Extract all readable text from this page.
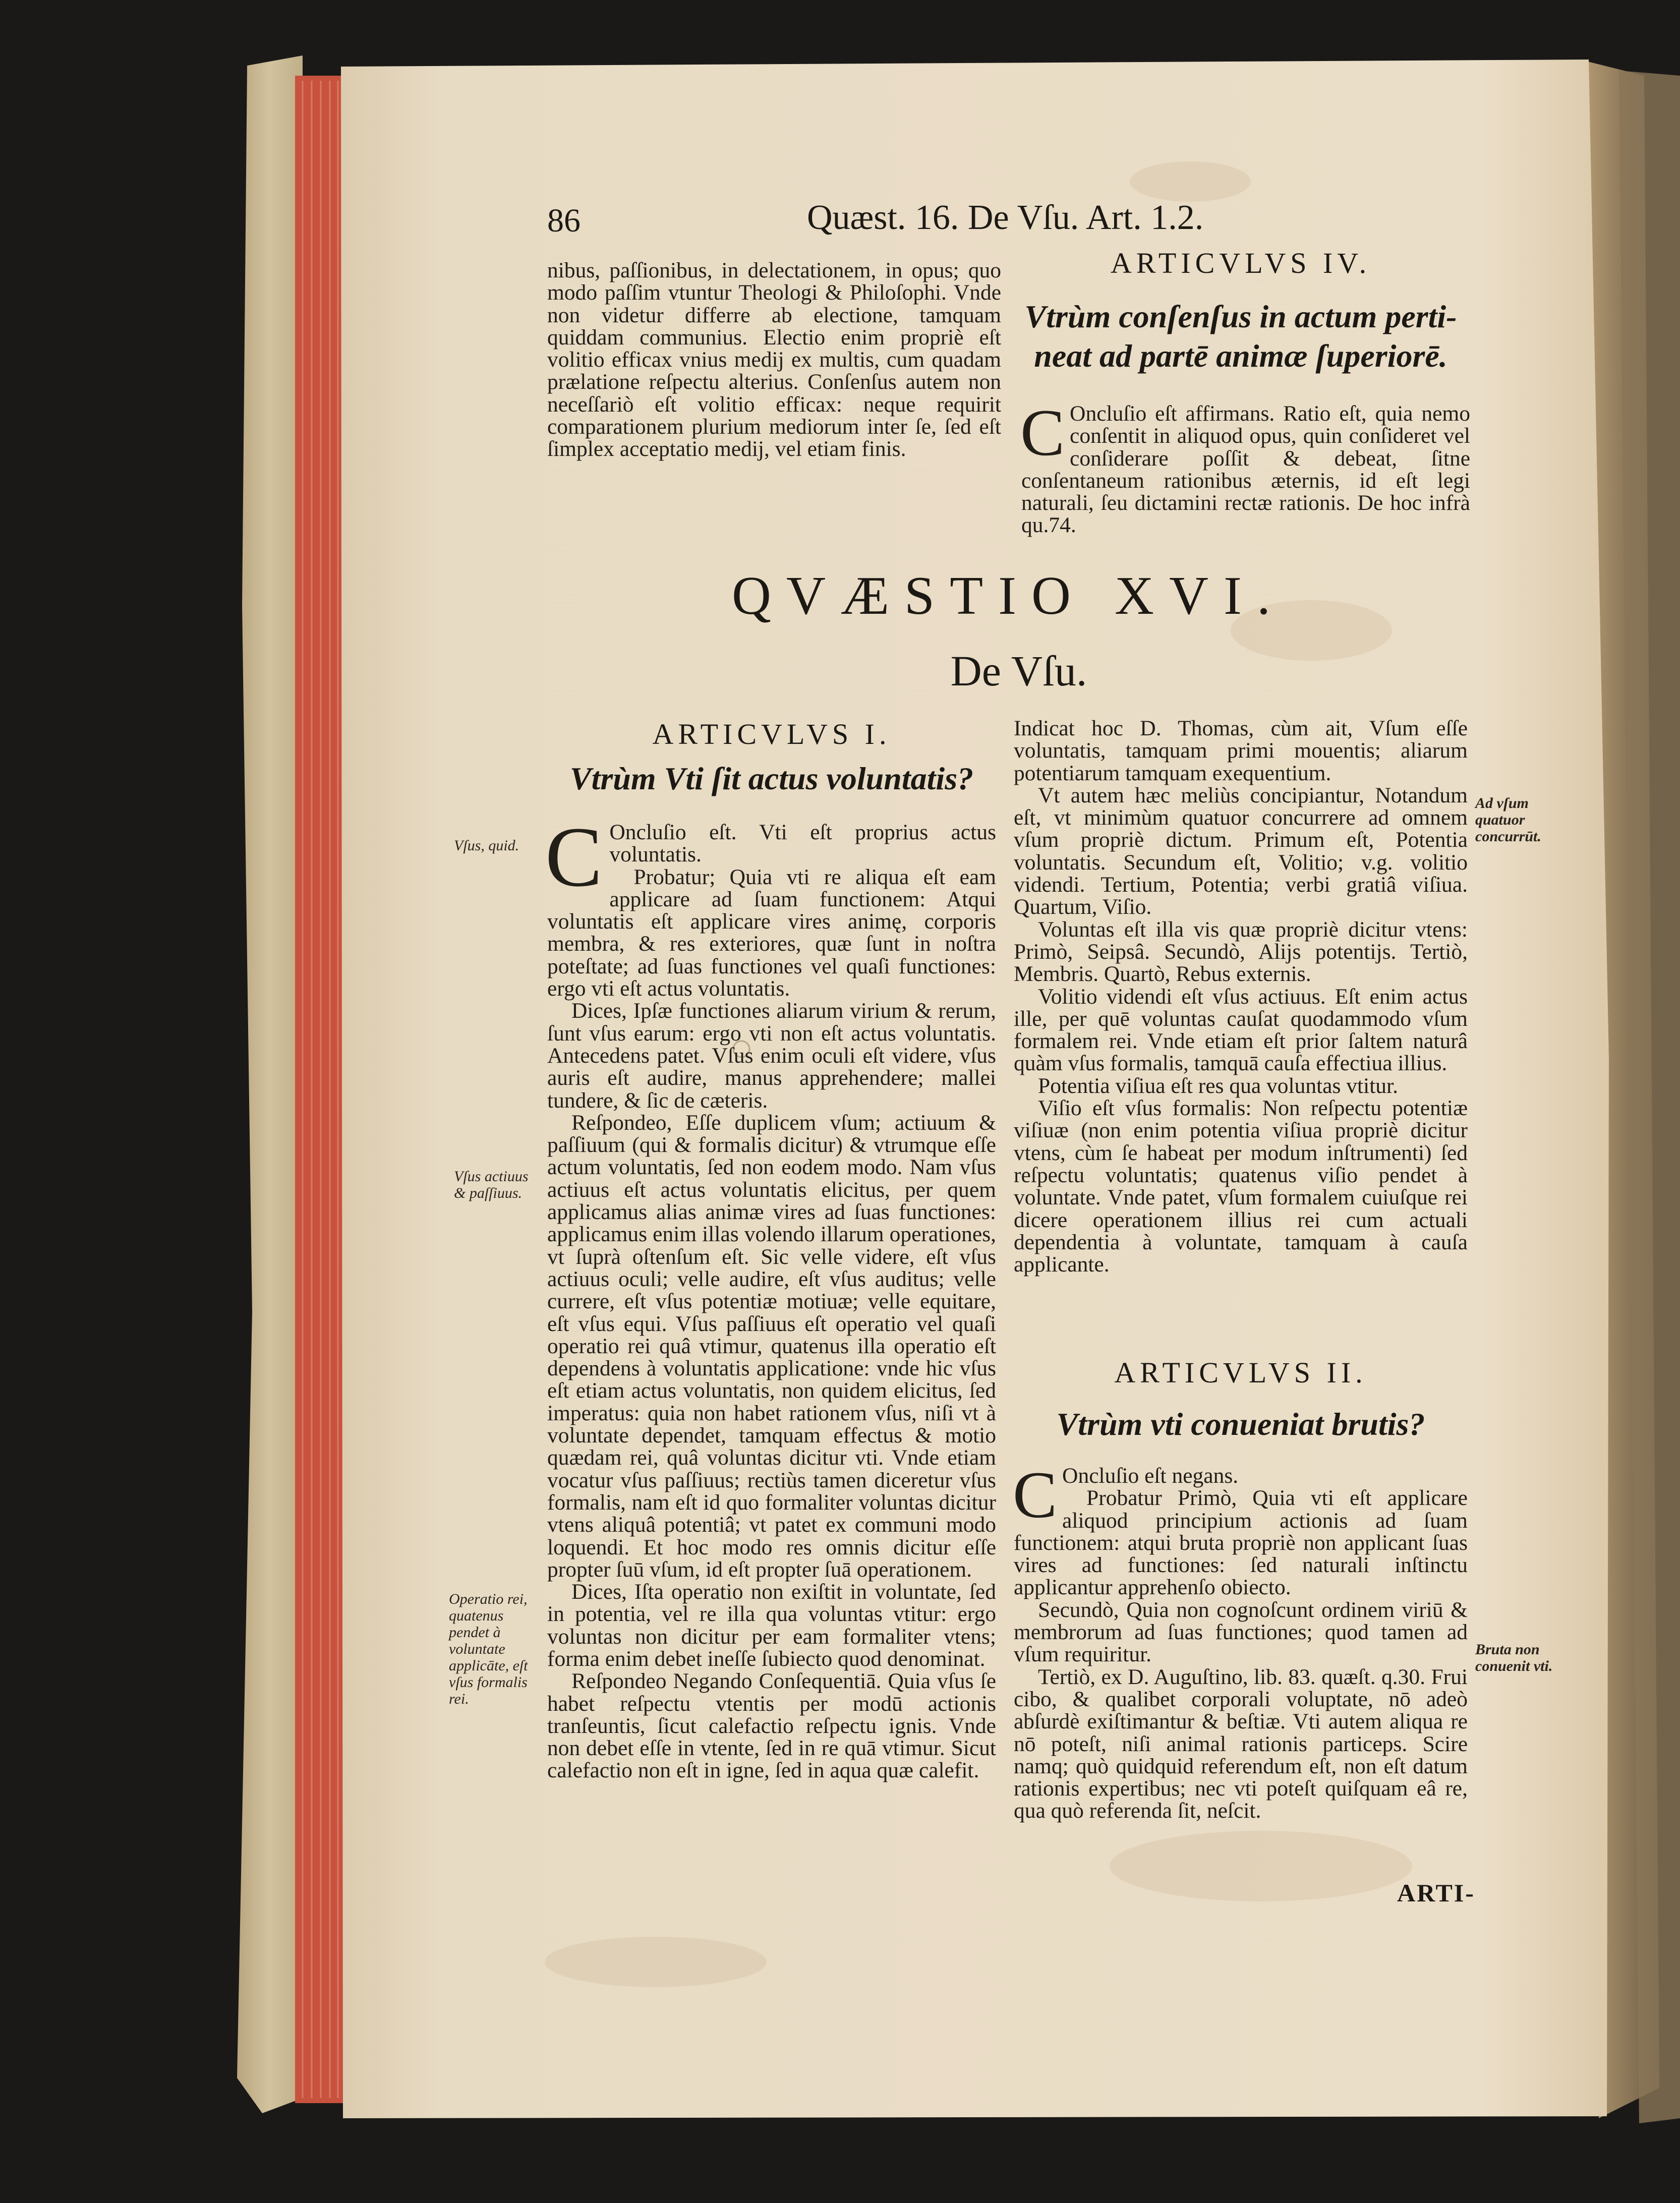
86	Quæst. 16. De Vſu. Art. 1.2.

nibus, paſſionibus, in delectationem, in opus; quo modo paſſim vtuntur Theologi & Philoſophi. Vnde non videtur differre ab electione, tamquam quiddam communius. Electio enim propriè eſt volitio efficax vnius medij ex multis, cum quadam prælatione reſpectu alterius. Conſenſus autem non neceſſariò eſt volitio efficax: neque requirit comparationem plurium mediorum inter ſe, ſed eſt ſimplex acceptatio medij, vel etiam finis.

ARTICVLVS IV.
Vtrùm conſenſus in actum perti-
neat ad partē animæ ſuperiorē.
C Oncluſio eſt affirmans. Ratio eſt, quia nemo conſentit in aliquod opus, quin conſideret vel conſiderare poſſit & debeat, ſitne conſentaneum rationibus æternis, id eſt legi naturali, ſeu dictamini rectæ rationis. De hoc infrà qu.74.

QVÆSTIO XVI.
De Vſu.
ARTICVLVS I.
Vtrùm Vti ſit actus voluntatis?
C Oncluſio eſt. Vti eſt proprius actus voluntatis.

Probatur; Quia vti re aliqua eſt eam applicare ad ſuam functionem: Atqui voluntatis eſt applicare vires animę, corporis membra, & res exteriores, quæ ſunt in noſtra poteſtate; ad ſuas functiones vel quaſi functiones: ergo vti eſt actus voluntatis.

Dices, Ipſæ functiones aliarum virium & rerum, ſunt vſus earum: ergo vti non eſt actus voluntatis. Antecedens patet. Vſus enim oculi eſt videre, vſus auris eſt audire, manus apprehendere; mallei tundere, & ſic de cæteris.

Reſpondeo, Eſſe duplicem vſum; actiuum & paſſiuum (qui & formalis dicitur) & vtrumque eſſe actum voluntatis, ſed non eodem modo. Nam vſus actiuus eſt actus voluntatis elicitus, per quem applicamus alias animæ vires ad ſuas functiones: applicamus enim illas volendo illarum operationes, vt ſuprà oſtenſum eſt. Sic velle videre, eſt vſus actiuus oculi; velle audire, eſt vſus auditus; velle currere, eſt vſus potentiæ motiuæ; velle equitare, eſt vſus equi. Vſus paſſiuus eſt operatio vel quaſi operatio rei quâ vtimur, quatenus illa operatio eſt dependens à voluntatis applicatione: vnde hic vſus eſt etiam actus voluntatis, non quidem elicitus, ſed imperatus: quia non habet rationem vſus, niſi vt à voluntate dependet, tamquam effectus & motio quædam rei, quâ voluntas dicitur vti. Vnde etiam vocatur vſus paſſiuus; rectiùs tamen diceretur vſus formalis, nam eſt id quo formaliter voluntas dicitur vtens aliquâ potentiâ; vt patet ex communi modo loquendi. Et hoc modo res omnis dicitur eſſe propter ſuū vſum, id eſt propter ſuā operationem.

Dices, Iſta operatio non exiſtit in voluntate, ſed in potentia, vel re illa qua voluntas vtitur: ergo voluntas non dicitur per eam formaliter vtens; forma enim debet ineſſe ſubiecto quod denominat.

Reſpondeo Negando Conſequentiā. Quia vſus ſe habet reſpectu vtentis per modū actionis tranſeuntis, ſicut calefactio reſpectu ignis. Vnde non debet eſſe in vtente, ſed in re quā vtimur. Sicut calefactio non eſt in igne, ſed in aqua quæ calefit.

Indicat hoc D. Thomas, cùm ait, Vſum eſſe voluntatis, tamquam primi mouentis; aliarum potentiarum tamquam exequentium.

Vt autem hæc meliùs concipiantur, Notandum eſt, vt minimùm quatuor concurrere ad omnem vſum propriè dictum. Primum eſt, Potentia voluntatis. Secundum eſt, Volitio; v.g. volitio videndi. Tertium, Potentia; verbi gratiâ viſiua. Quartum, Viſio.

Voluntas eſt illa vis quæ propriè dicitur vtens: Primò, Seipsâ. Secundò, Alijs potentijs. Tertiò, Membris. Quartò, Rebus externis.

Volitio videndi eſt vſus actiuus. Eſt enim actus ille, per quē voluntas cauſat quodammodo vſum formalem rei. Vnde etiam eſt prior ſaltem naturâ quàm vſus formalis, tamquā cauſa effectiua illius.

Potentia viſiua eſt res qua voluntas vtitur.

Viſio eſt vſus formalis: Non reſpectu potentiæ viſiuæ (non enim potentia viſiua propriè dicitur vtens, cùm ſe habeat per modum inſtrumenti) ſed reſpectu voluntatis; quatenus viſio pendet à voluntate. Vnde patet, vſum formalem cuiuſque rei dicere operationem illius rei cum actuali dependentia à voluntate, tamquam à cauſa applicante.

ARTICVLVS II.
Vtrùm vti conueniat brutis?
C Oncluſio eſt negans.

Probatur Primò, Quia vti eſt applicare aliquod principium actionis ad ſuam functionem: atqui bruta propriè non applicant ſuas vires ad functiones: ſed naturali inſtinctu applicantur apprehenſo obiecto.

Secundò, Quia non cognoſcunt ordinem viriū & membrorum ad ſuas functiones; quod tamen ad vſum requiritur.

Tertiò, ex D. Auguſtino, lib. 83. quæſt. q.30. Frui cibo, & qualibet corporali voluptate, nō adeò abſurdè exiſtimantur & beſtiæ. Vti autem aliqua re nō poteſt, niſi animal rationis particeps. Scire namq; quò quidquid referendum eſt, non eſt datum rationis expertibus; nec vti poteſt quiſquam eâ re, qua quò referenda ſit, neſcit.

ARTI-
Vſus, quid.
Vſus actiuus & paſſiuus.
Operatio rei, quatenus pendet à voluntate applicāte, eſt vſus formalis rei.
Ad vſum quatuor concurrūt.
Bruta non conuenit vti.
